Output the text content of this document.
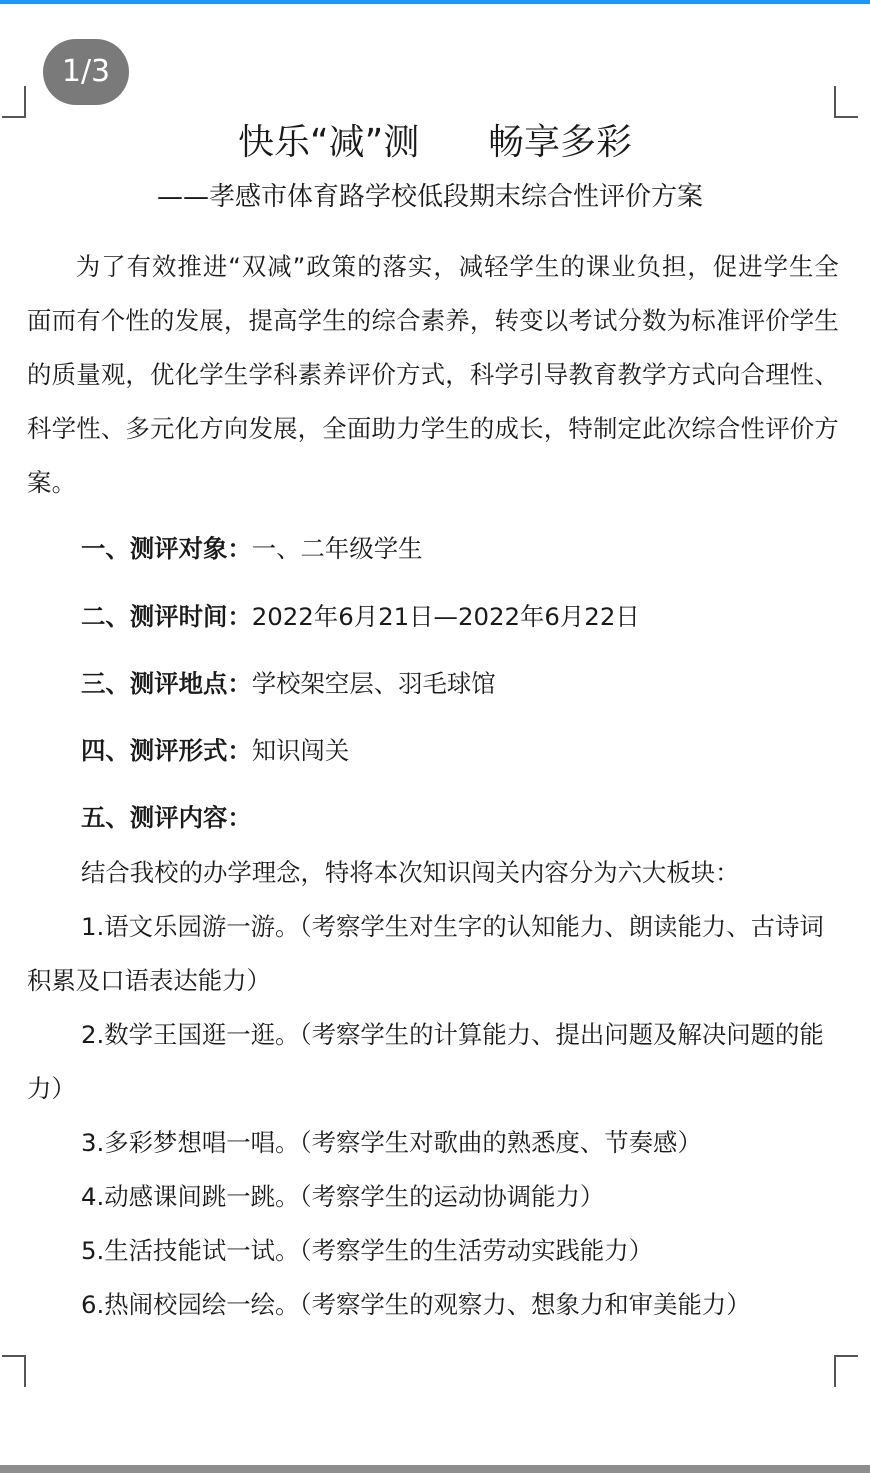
1/3
快乐“减”测      畅享多彩
——孝感市体育路学校低段期末综合性评价方案
为了有效推进“双减”政策的落实，减轻学生的课业负担，促进学生全面而有个性的发展，提高学生的综合素养，转变以考试分数为标准评价学生的质量观，优化学生学科素养评价方式，科学引导教育教学方式向合理性、科学性、多元化方向发展，全面助力学生的成长，特制定此次综合性评价方案。
一、测评对象：一、二年级学生
二、测评时间：2022年6月21日—2022年6月22日
三、测评地点：学校架空层、羽毛球馆
四、测评形式：知识闯关
五、测评内容：
结合我校的办学理念，特将本次知识闯关内容分为六大板块：
1.语文乐园游一游。（考察学生对生字的认知能力、朗读能力、古诗词积累及口语表达能力）
2.数学王国逛一逛。（考察学生的计算能力、提出问题及解决问题的能力）
3.多彩梦想唱一唱。（考察学生对歌曲的熟悉度、节奏感）
4.动感课间跳一跳。（考察学生的运动协调能力）
5.生活技能试一试。（考察学生的生活劳动实践能力）
6.热闹校园绘一绘。（考察学生的观察力、想象力和审美能力）
